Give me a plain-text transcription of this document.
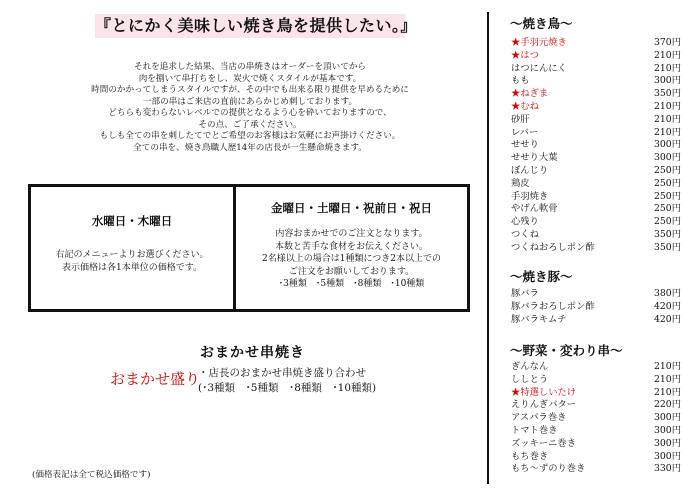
『とにかく美味しい焼き鳥を提供したい。』
それを追求した結果、当店の串焼きはオーダーを頂いてから
肉を捌いて串打ちをし、炭火で焼くスタイルが基本です。
時間のかかってしまうスタイルですが、その中でも出来る限り提供を早めるために
一部の串はご来店の直前にあらかじめ刺しております。
どちらも変わらないレベルでの提供となるよう心を砕いておりますので、
その点、ご了承ください。
もしも全ての串を刺したてでとご希望のお客様はお気軽にお声掛けください。
全ての串を、焼き鳥職人歴14年の店長が一生懸命焼きます。
水曜日・木曜日
右記のメニューよりお選びください。
表示価格は各1本単位の価格です。
金曜日・土曜日・祝前日・祝日
内容おまかせでのご注文となります。
本数と苦手な食材をお伝えください。
2名様以上の場合は1種類につき2本以上での
ご注文をお願いしております。
･3種類　･5種類　･8種類　･10種類
おまかせ串焼き
おまかせ盛り
・店長のおまかせ串焼き盛り合わせ
(･3種類　･5種類　･8種類　･10種類)
(価格表記は全て税込価格です)
～焼き鳥～
★手羽元焼き	370円
★はつ	210円
はつにんにく	210円
もも	300円
★ねぎま	350円
★むね	210円
砂肝	210円
レバー	210円
せせり	300円
せせり大葉	300円
ぼんじり	250円
鶏皮	250円
手羽焼き	250円
やげん軟骨	250円
心残り	250円
つくね	350円
つくねおろしポン酢	350円
～焼き豚～
豚バラ	380円
豚バラおろしポン酢	420円
豚バラキムチ	420円
～野菜・変わり串～
ぎんなん	210円
ししとう	210円
★特選しいたけ	210円
えりんぎバター	220円
アスパラ巻き	300円
トマト巻き	300円
ズッキーニ巻き	300円
もち巻き	300円
もち～ずのり巻き	330円
